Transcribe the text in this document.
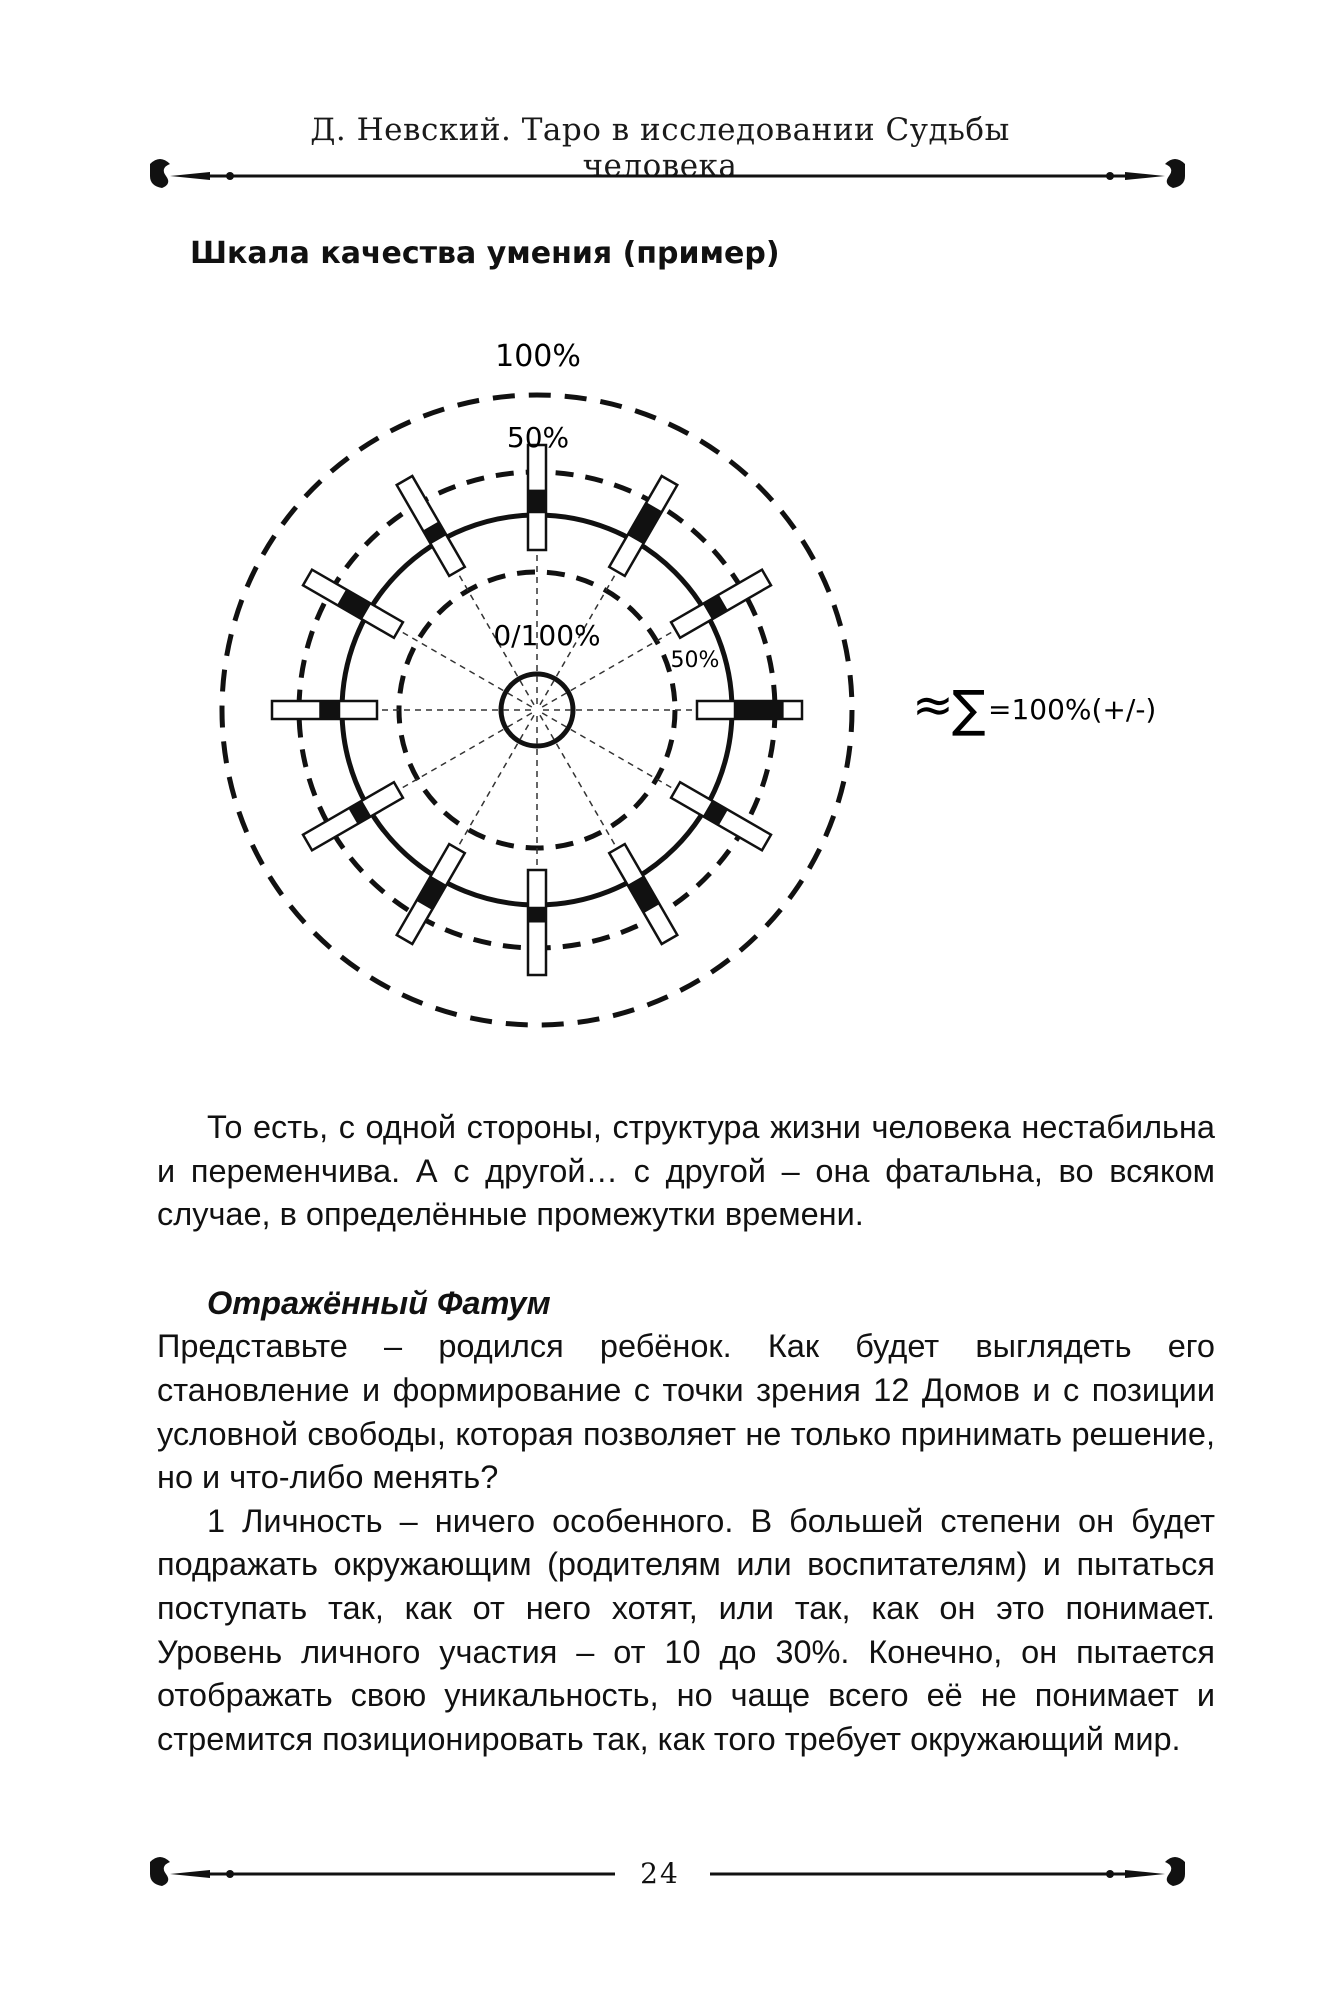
Д. Невский. Таро в исследовании Судьбы человека
Шкала качества умения (пример)
100%
50%
0/100%
50%
≈
∑ =100%(+/-)

То есть, с одной стороны, структура жизни человека нестабильна и переменчива. А с другой… с другой – она фатальна, во всяком случае, в определённые промежутки времени.

Отражённый Фатум

Представьте – родился ребёнок. Как будет выглядеть его становление и формирование с точки зрения 12 Домов и с позиции условной свободы, которая позволяет не только принимать решение, но и что-либо менять?

1 Личность – ничего особенного. В большей степени он будет подражать окружающим (родителям или воспитателям) и пытаться поступать так, как от него хотят, или так, как он это понимает. Уровень личного участия – от 10 до 30%. Конечно, он пытается отображать свою уникальность, но чаще всего её не понимает и стремится позиционировать так, как того требует окружающий мир.

24
